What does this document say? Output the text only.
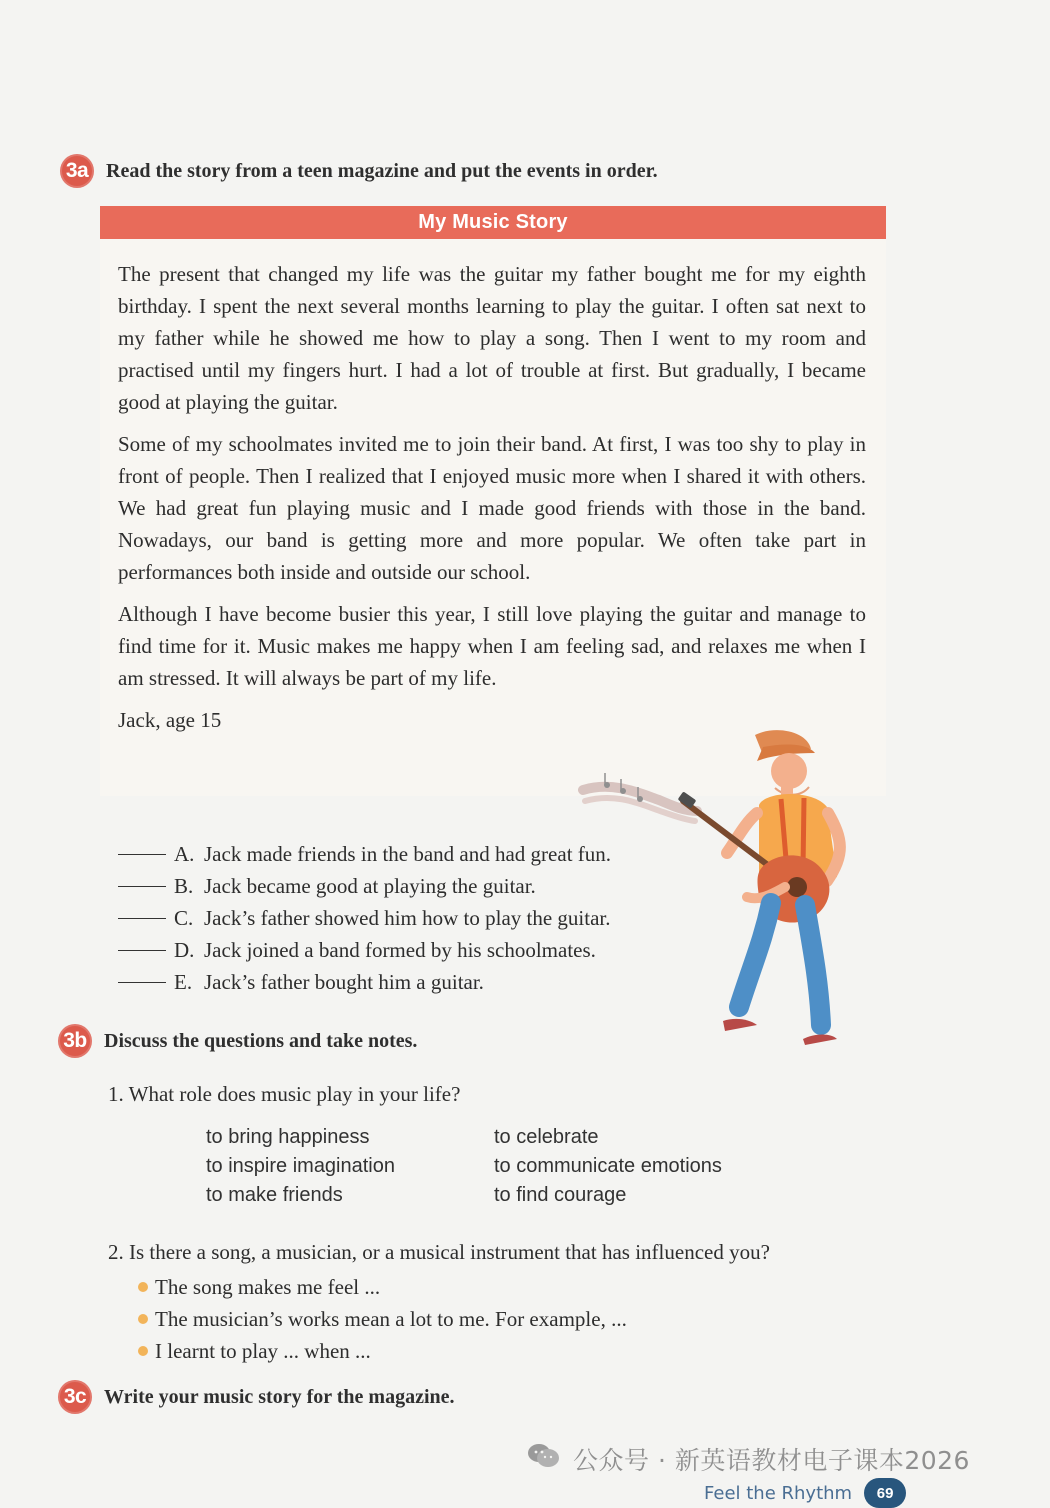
3a Read the story from a teen magazine and put the events in order.
My Music Story

The present that changed my life was the guitar my father bought me for my eighth birthday. I spent the next several months learning to play the guitar. I often sat next to my father while he showed me how to play a song. Then I went to my room and practised until my fingers hurt. I had a lot of trouble at first. But gradually, I became good at playing the guitar.

Some of my schoolmates invited me to join their band. At first, I was too shy to play in front of people. Then I realized that I enjoyed music more when I shared it with others. We had great fun playing music and I made good friends with those in the band. Nowadays, our band is getting more and more popular. We often take part in performances both inside and outside our school.

Although I have become busier this year, I still love playing the guitar and manage to find time for it. Music makes me happy when I am feeling sad, and relaxes me when I am stressed. It will always be part of my life.

Jack, age 15
A. Jack made friends in the band and had great fun.
B. Jack became good at playing the guitar.
C. Jack’s father showed him how to play the guitar.
D. Jack joined a band formed by his schoolmates.
E. Jack’s father bought him a guitar.
3b Discuss the questions and take notes.
1. What role does music play in your life?
to bring happiness	to celebrate
to inspire imagination	to communicate emotions
to make friends	to find courage
2. Is there a song, a musician, or a musical instrument that has influenced you?
The song makes me feel ...
The musician’s works mean a lot to me. For example, ...
I learnt to play ... when ...
3c Write your music story for the magazine.
公众号 · 新英语教材电子课本2026
Feel the Rhythm	69
